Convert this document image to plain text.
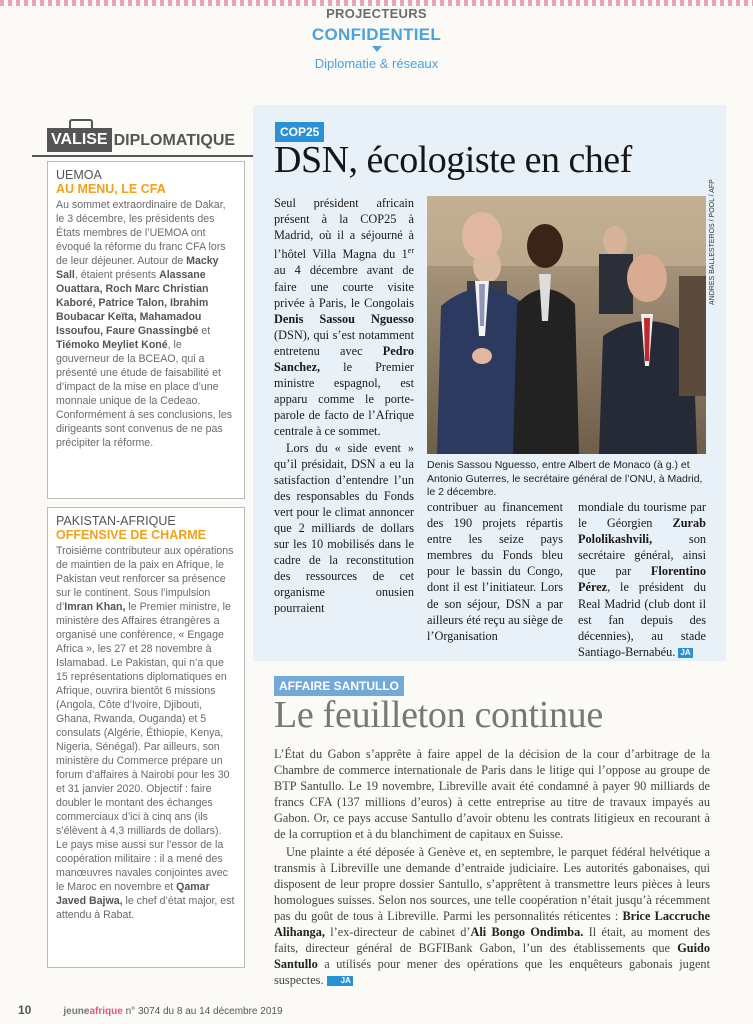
PROJECTEURS
CONFIDENTIEL
Diplomatie & réseaux
VALISE DIPLOMATIQUE
UEMOA
AU MENU, LE CFA
Au sommet extraordinaire de Dakar, le 3 décembre, les présidents des États membres de l’UEMOA ont évoqué la réforme du franc CFA lors de leur déjeuner. Autour de Macky Sall, étaient présents Alassane Ouattara, Roch Marc Christian Kaboré, Patrice Talon, Ibrahim Boubacar Keïta, Mahamadou Issoufou, Faure Gnassingbé et Tiémoko Meyliet Koné, le gouverneur de la BCEAO, qui a présenté une étude de faisabilité et d’impact de la mise en place d’une monnaie unique de la Cedeao. Conformément à ses conclusions, les dirigeants sont convenus de ne pas précipiter la réforme.
PAKISTAN-AFRIQUE
OFFENSIVE DE CHARME
Troisième contributeur aux opérations de maintien de la paix en Afrique, le Pakistan veut renforcer sa présence sur le continent. Sous l’impulsion d’Imran Khan, le Premier ministre, le ministère des Affaires étrangères a organisé une conférence, « Engage Africa », les 27 et 28 novembre à Islamabad. Le Pakistan, qui n’a que 15 représentations diplomatiques en Afrique, ouvrira bientôt 6 missions (Angola, Côte d’Ivoire, Djibouti, Ghana, Rwanda, Ouganda) et 5 consulats (Algérie, Éthiopie, Kenya, Nigeria, Sénégal). Par ailleurs, son ministère du Commerce prépare un forum d’affaires à Nairobi pour les 30 et 31 janvier 2020. Objectif : faire doubler le montant des échanges commerciaux d’ici à cinq ans (ils s’élèvent à 4,3 milliards de dollars). Le pays mise aussi sur l’essor de la coopération militaire : il a mené des manœuvres navales conjointes avec le Maroc en novembre et Qamar Javed Bajwa, le chef d’état major, est attendu à Rabat.
COP25
DSN, écologiste en chef

Seul président africain présent à la COP25 à Madrid, où il a séjourné à l’hôtel Villa Magna du 1er au 4 décembre avant de faire une courte visite privée à Paris, le Congolais Denis Sassou Nguesso (DSN), qui s’est notamment entretenu avec Pedro Sanchez, le Premier ministre espagnol, est apparu comme le porte-parole de facto de l’Afrique centrale à ce sommet.

Lors du « side event » qu’il présidait, DSN a eu la satisfaction d’entendre l’un des responsables du Fonds vert pour le climat annoncer que 2 milliards de dollars sur les 10 mobilisés dans le cadre de la reconstitution des ressources de cet organisme onusien pourraient

ANDRES BALLESTEROS / POOL / AFP
Denis Sassou Nguesso, entre Albert de Monaco (à g.) et Antonio Guterres, le secrétaire général de l’ONU, à Madrid, le 2 décembre.
contribuer au financement des 190 projets répartis entre les seize pays membres du Fonds bleu pour le bassin du Congo, dont il est l’initiateur. Lors de son séjour, DSN a par ailleurs été reçu au siège de l’Organisation
mondiale du tourisme par le Géorgien Zurab Pololikashvili, son secrétaire général, ainsi que par Florentino Pérez, le président du Real Madrid (club dont il est fan depuis des décennies), au stade Santiago-Bernabéu. JA
AFFAIRE SANTULLO
Le feuilleton continue

L’État du Gabon s’apprête à faire appel de la décision de la cour d’arbitrage de la Chambre de commerce internationale de Paris dans le litige qui l’oppose au groupe de BTP Santullo. Le 19 novembre, Libreville avait été condamné à payer 90 milliards de francs CFA (137 millions d’euros) à cette entreprise au titre de travaux impayés au Gabon. Or, ce pays accuse Santullo d’avoir obtenu les contrats litigieux en recourant à de la corruption et à du blanchiment de capitaux en Suisse.

Une plainte a été déposée à Genève et, en septembre, le parquet fédéral helvétique a transmis à Libreville une demande d’entraide judiciaire. Les autorités gabonaises, qui disposent de leur propre dossier Santullo, s’apprêtent à transmettre leurs pièces à leurs homologues suisses. Selon nos sources, une telle coopération n’était jusqu’à récemment pas du goût de tous à Libreville. Parmi les personnalités réticentes : Brice Laccruche Alihanga, l’ex-directeur de cabinet d’Ali Bongo Ondimba. Il était, au moment des faits, directeur général de BGFIBank Gabon, l’un des établissements que Guido Santullo a utilisés pour mener des opérations que les enquêteurs gabonais jugent suspectes. JA

10	jeuneafrique n° 3074 du 8 au 14 décembre 2019
